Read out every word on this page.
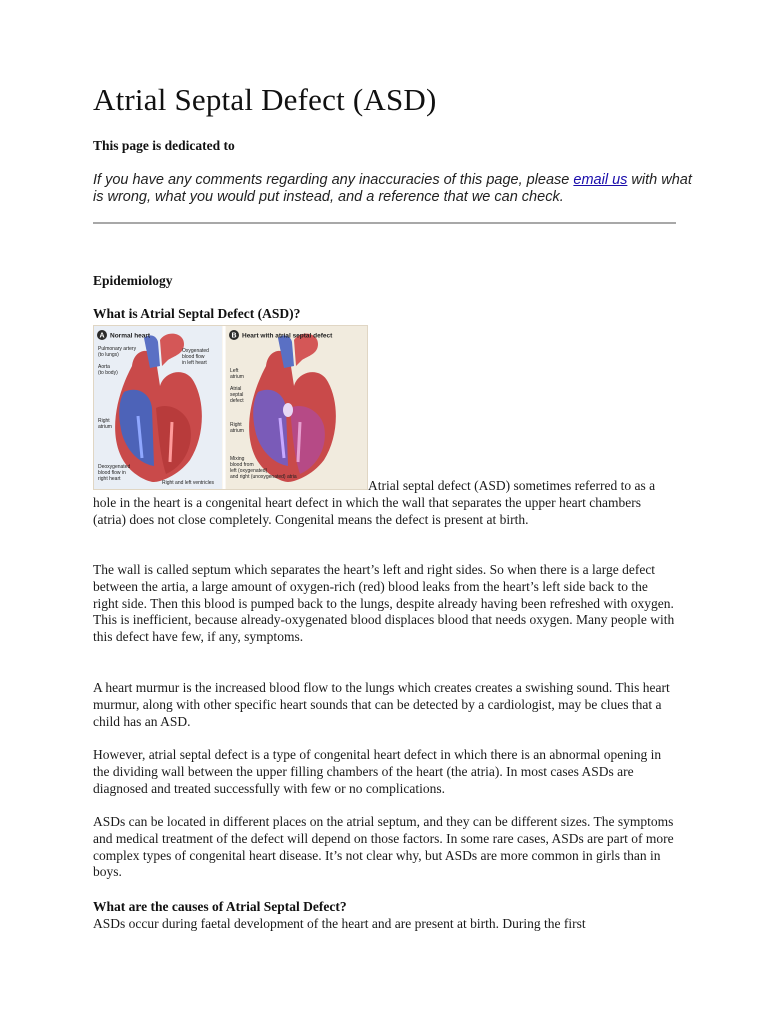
Atrial Septal Defect (ASD)
This page is dedicated to
If you have any comments regarding any inaccuracies of this page, please email us with what is wrong, what you would put instead, and a reference that we can check.
Epidemiology
What is Atrial Septal Defect (ASD)?
A Normal heart
Pulmonary artery (to lungs) Aorta (to body) Right atrium Deoxygenated blood flow in right heart Oxygenated blood flow in left heart Right and left ventricles
B Heart with atrial septal defect
Left atrium Atrial septal defect Right atrium Mixing blood from left (oxygenated) and right (unoxygenated) atria

Atrial septal defect (ASD) sometimes referred to as a hole in the heart is a congenital heart defect in which the wall that separates the upper heart chambers (atria) does not close completely. Congenital means the defect is present at birth.

The wall is called septum which separates the heart’s left and right sides. So when there is a large defect between the artia, a large amount of oxygen-rich (red) blood leaks from the heart’s left side back to the right side. Then this blood is pumped back to the lungs, despite already having been refreshed with oxygen. This is inefficient, because already-oxygenated blood displaces blood that needs oxygen. Many people with this defect have few, if any, symptoms.

A heart murmur is the increased blood flow to the lungs which creates creates a swishing sound. This heart murmur, along with other specific heart sounds that can be detected by a cardiologist, may be clues that a child has an ASD.

However, atrial septal defect is a type of congenital heart defect in which there is an abnormal opening in the dividing wall between the upper filling chambers of the heart (the atria). In most cases ASDs are diagnosed and treated successfully with few or no complications.

ASDs can be located in different places on the atrial septum, and they can be different sizes. The symptoms and medical treatment of the defect will depend on those factors. In some rare cases, ASDs are part of more complex types of congenital heart disease. It’s not clear why, but ASDs are more common in girls than in boys.

What are the causes of Atrial Septal Defect?

ASDs occur during faetal development of the heart and are present at birth. During the first
